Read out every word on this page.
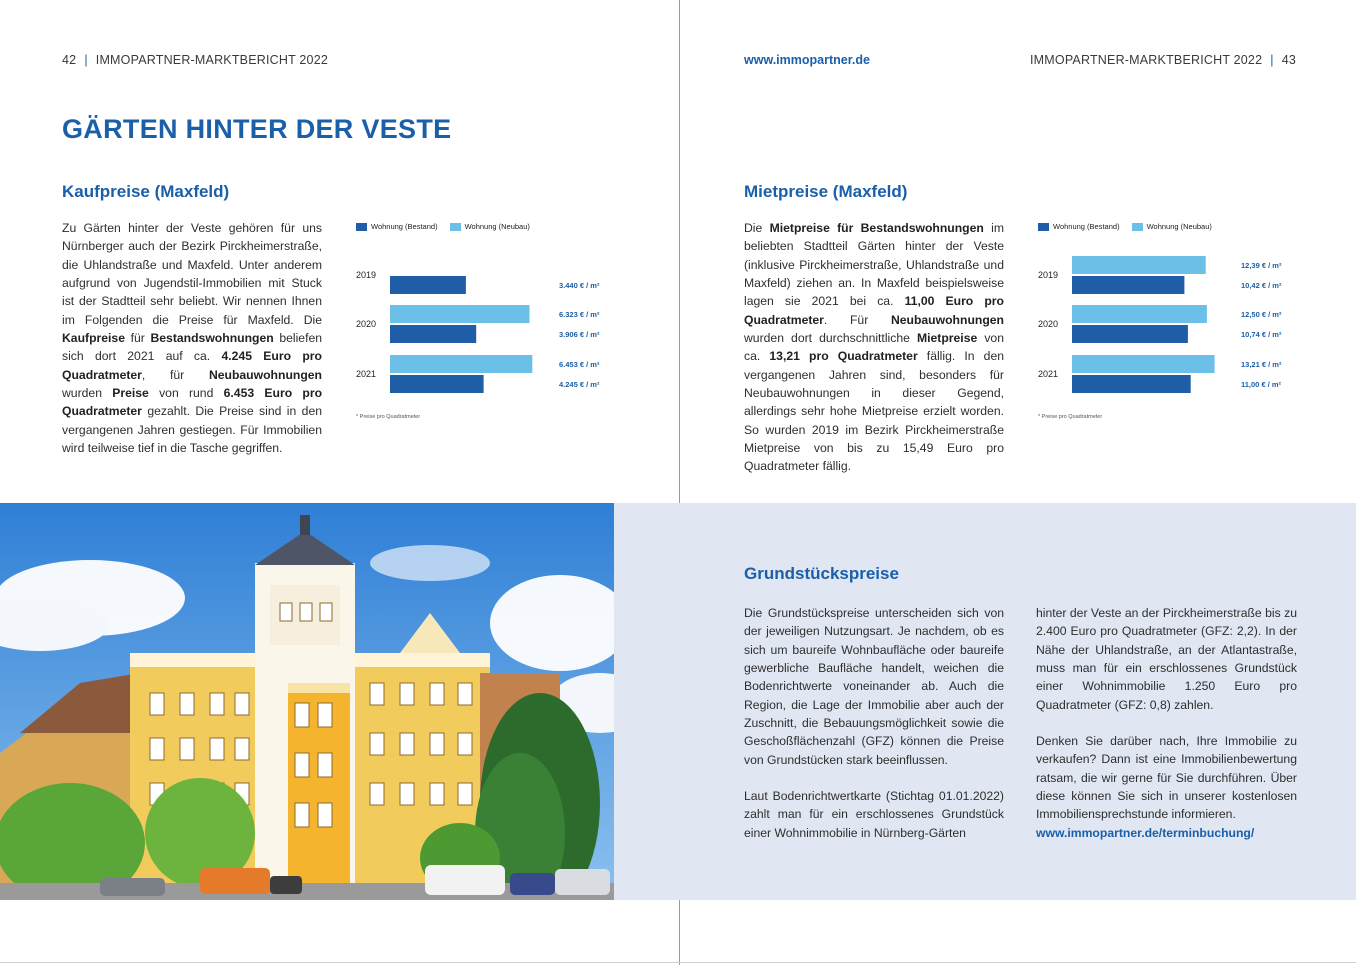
42 | IMMOPARTNER-MARKTBERICHT 2022	www.immopartner.de	IMMOPARTNER-MARKTBERICHT 2022 | 43
GÄRTEN HINTER DER VESTE
Kaufpreise (Maxfeld)

Zu Gärten hinter der Veste gehören für uns Nürnberger auch der Bezirk Pirckheimerstraße, die Uhlandstraße und Maxfeld. Unter anderem aufgrund von Jugendstil-Immobilien mit Stuck ist der Stadtteil sehr beliebt. Wir nennen Ihnen im Folgenden die Preise für Maxfeld. Die Kaufpreise für Bestandswohnungen beliefen sich dort 2021 auf ca. 4.245 Euro pro Quadratmeter, für Neubauwohnungen wurden Preise von rund 6.453 Euro pro Quadratmeter gezahlt. Die Preise sind in den vergangenen Jahren gestiegen. Für Immobilien wird teilweise tief in die Tasche gegriffen.

Wohnung (Bestand)	Wohnung (Neubau)
2019
3.440 € / m²
2020
6.323 € / m²
3.906 € / m²
2021
6.453 € / m²
4.245 € / m²
* Preise pro Quadratmeter
Mietpreise (Maxfeld)

Die Mietpreise für Bestandswohnungen im beliebten Stadtteil Gärten hinter der Veste (inklusive Pirckheimerstraße, Uhlandstraße und Maxfeld) ziehen an. In Maxfeld beispielsweise lagen sie 2021 bei ca. 11,00 Euro pro Quadratmeter. Für Neubauwohnungen wurden dort durchschnittliche Mietpreise von ca. 13,21 pro Quadratmeter fällig. In den vergangenen Jahren sind, besonders für Neubauwohnungen in dieser Gegend, allerdings sehr hohe Mietpreise erzielt worden. So wurden 2019 im Bezirk Pirckheimerstraße Mietpreise von bis zu 15,49 Euro pro Quadratmeter fällig.

Wohnung (Bestand)	Wohnung (Neubau)
2019
12,39 € / m²
10,42 € / m²
2020
12,50 € / m²
10,74 € / m²
2021
13,21 € / m²
11,00 € / m²
* Preise pro Quadratmeter
Grundstückspreise

Die Grundstückspreise unterscheiden sich von der jeweiligen Nutzungsart. Je nachdem, ob es sich um baureife Wohnbaufläche oder baureife gewerbliche Baufläche handelt, weichen die Bodenrichtwerte voneinander ab. Auch die Region, die Lage der Immobilie aber auch der Zuschnitt, die Bebauungsmöglichkeit sowie die Geschoßflächenzahl (GFZ) können die Preise von Grundstücken stark beeinflussen.

Laut Bodenrichtwertkarte (Stichtag 01.01.2022) zahlt man für ein erschlossenes Grundstück einer Wohnimmobilie in Nürnberg-Gärten

hinter der Veste an der Pirckheimerstraße bis zu 2.400 Euro pro Quadratmeter (GFZ: 2,2). In der Nähe der Uhlandstraße, an der Atlantastraße, muss man für ein erschlossenes Grundstück einer Wohnimmobilie 1.250 Euro pro Quadratmeter (GFZ: 0,8) zahlen.

Denken Sie darüber nach, Ihre Immobilie zu verkaufen? Dann ist eine Immobilienbewertung ratsam, die wir gerne für Sie durchführen. Über diese können Sie sich in unserer kostenlosen Immobiliensprechstunde informieren.

www.immopartner.de/terminbuchung/
